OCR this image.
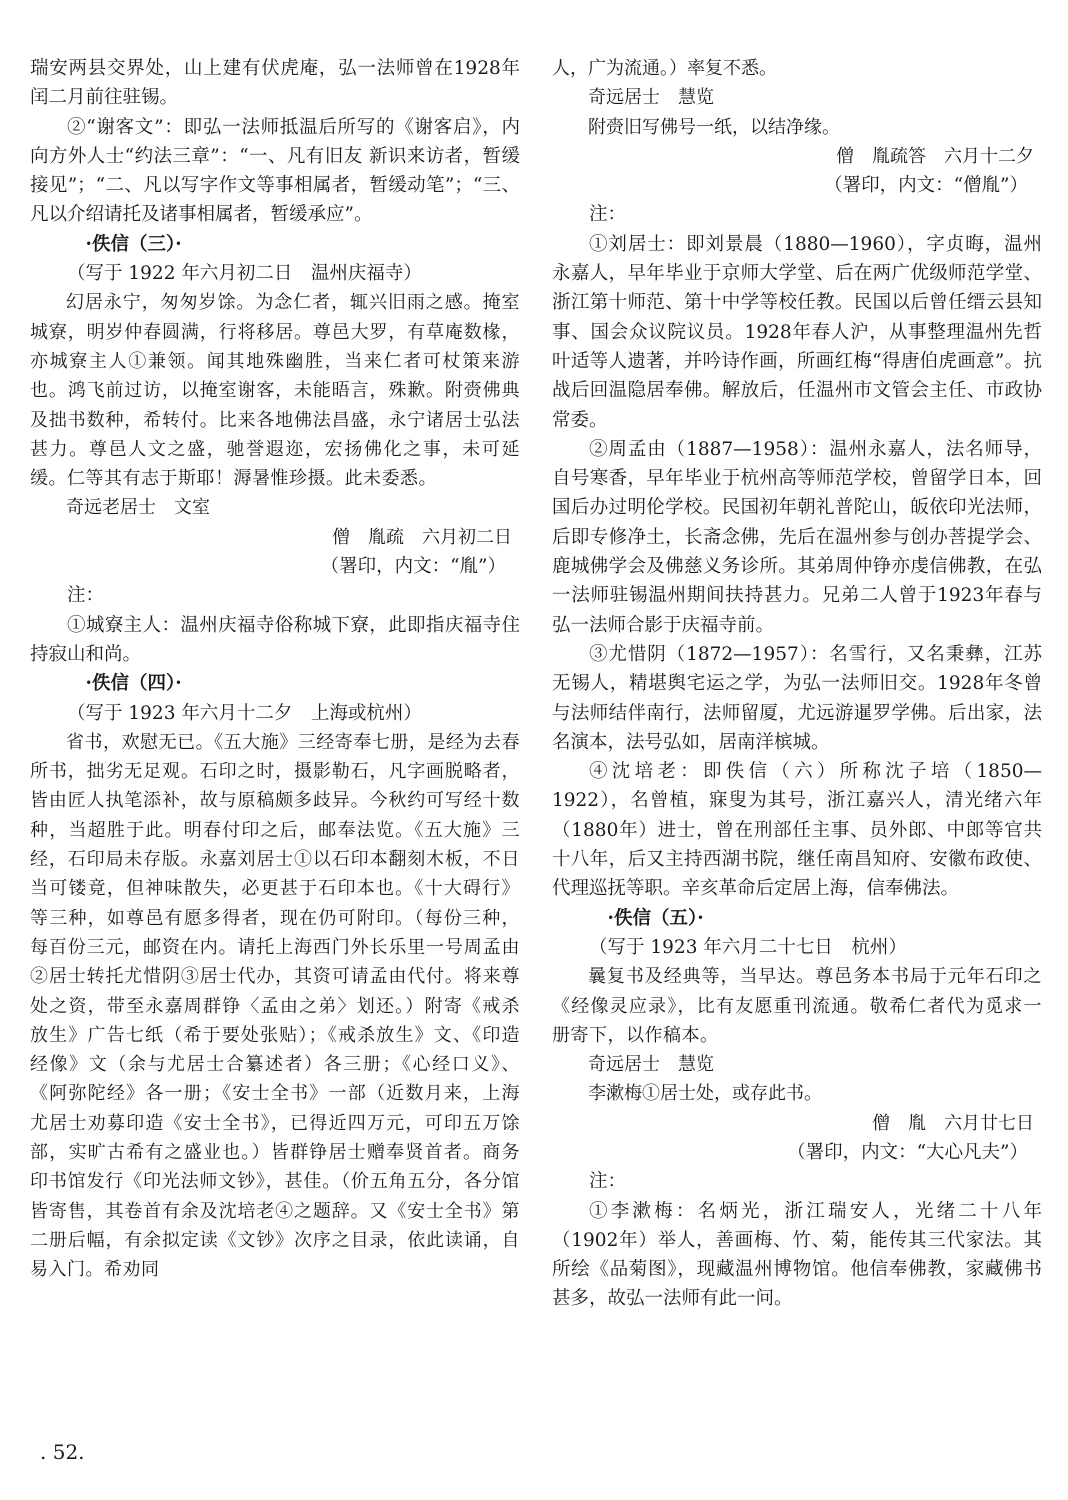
瑞安两县交界处，山上建有伏虎庵，弘一法师曾在1928年闰二月前往驻锡。

②“谢客文”：即弘一法师抵温后所写的《谢客启》，内向方外人士“约法三章”：“一、凡有旧友 新识来访者，暂缓接见”；“二、凡以写字作文等事相属者，暂缓动笔”；“三、凡以介绍请托及诸事相属者，暂缓承应”。

·佚信（三）·

（写于 1922 年六月初二日　温州庆福寺）

幻居永宁，匆匆岁馀。为念仁者，辄兴旧雨之感。掩室城寮，明岁仲春圆满，行将移居。尊邑大罗，有草庵数椽，亦城寮主人①兼领。闻其地殊幽胜，当来仁者可杖策来游也。鸿飞前过访，以掩室谢客，未能晤言，殊歉。附赍佛典及拙书数种，希转付。比来各地佛法昌盛，永宁诸居士弘法甚力。尊邑人文之盛，驰誉遐迩，宏扬佛化之事，未可延缓。仁等其有志于斯耶！溽暑惟珍摄。此未委悉。

奇远老居士　文室

僧　胤疏　六月初二日

（署印，内文：“胤”）

注：

①城寮主人：温州庆福寺俗称城下寮，此即指庆福寺住持寂山和尚。

·佚信（四）·

（写于 1923 年六月十二夕　上海或杭州）

省书，欢慰无已。《五大施》三经寄奉七册，是经为去春所书，拙劣无足观。石印之时，摄影勒石，凡字画脱略者，皆由匠人执笔添补，故与原稿颇多歧异。今秋约可写经十数种，当超胜于此。明春付印之后，邮奉法览。《五大施》三经，石印局未存版。永嘉刘居士①以石印本翻刻木板，不日当可镂竟，但神味散失，必更甚于石印本也。《十大碍行》等三种，如尊邑有愿多得者，现在仍可附印。（每份三种，每百份三元，邮资在内。请托上海西门外长乐里一号周孟由②居士转托尤惜阴③居士代办，其资可请孟由代付。将来尊处之资，带至永嘉周群铮〈孟由之弟〉划还。）附寄《戒杀放生》广告七纸（希于要处张贴）；《戒杀放生》文、《印造经像》文（余与尤居士合纂述者）各三册；《心经口义》、《阿弥陀经》各一册；《安士全书》一部（近数月来，上海尤居士劝募印造《安士全书》，已得近四万元，可印五万馀部，实旷古希有之盛业也。）皆群铮居士赠奉贤首者。商务印书馆发行《印光法师文钞》，甚佳。（价五角五分，各分馆皆寄售，其卷首有余及沈培老④之题辞。又《安士全书》第二册后幅，有余拟定读《文钞》次序之目录，依此读诵，自易入门。希劝同

人，广为流通。）率复不悉。

奇远居士　慧览

附赍旧写佛号一纸，以结净缘。

僧　胤疏答　六月十二夕

（署印，内文：“僧胤”）

注：

①刘居士：即刘景晨（1880—1960），字贞晦，温州永嘉人，早年毕业于京师大学堂、后在两广优级师范学堂、浙江第十师范、第十中学等校任教。民国以后曾任缙云县知事、国会众议院议员。1928年春人沪，从事整理温州先哲叶适等人遗著，并吟诗作画，所画红梅“得唐伯虎画意”。抗战后回温隐居奉佛。解放后，任温州市文管会主任、市政协常委。

②周孟由（1887—1958）：温州永嘉人，法名师导，自号寒香，早年毕业于杭州高等师范学校，曾留学日本，回国后办过明伦学校。民国初年朝礼普陀山，皈依印光法师，后即专修净土，长斋念佛，先后在温州参与创办菩提学会、鹿城佛学会及佛慈义务诊所。其弟周仲铮亦虔信佛教，在弘一法师驻锡温州期间扶持甚力。兄弟二人曾于1923年春与弘一法师合影于庆福寺前。

③尤惜阴（1872—1957）：名雪行，又名秉彝，江苏无锡人，精堪舆宅运之学，为弘一法师旧交。1928年冬曾与法师结伴南行，法师留厦，尤远游暹罗学佛。后出家，法名演本，法号弘如，居南洋槟城。

④沈培老：即佚信（六）所称沈子培（1850—1922），名曾植，寐叟为其号，浙江嘉兴人，清光绪六年（1880年）进士，曾在刑部任主事、员外郎、中郎等官共十八年，后又主持西湖书院，继任南昌知府、安徽布政使、代理巡抚等职。辛亥革命后定居上海，信奉佛法。

·佚信（五）·

（写于 1923 年六月二十七日　杭州）

曩复书及经典等，当早达。尊邑务本书局于元年石印之《经像灵应录》，比有友愿重刊流通。敬希仁者代为觅求一册寄下，以作稿本。

奇远居士　慧览

李漱梅①居士处，或存此书。

僧　胤　六月廿七日

（署印，内文：“大心凡夫”）

注：

①李漱梅：名炳光，浙江瑞安人，光绪二十八年（1902年）举人，善画梅、竹、菊，能传其三代家法。其所绘《品菊图》，现藏温州博物馆。他信奉佛教，家藏佛书甚多，故弘一法师有此一问。

. 52.
